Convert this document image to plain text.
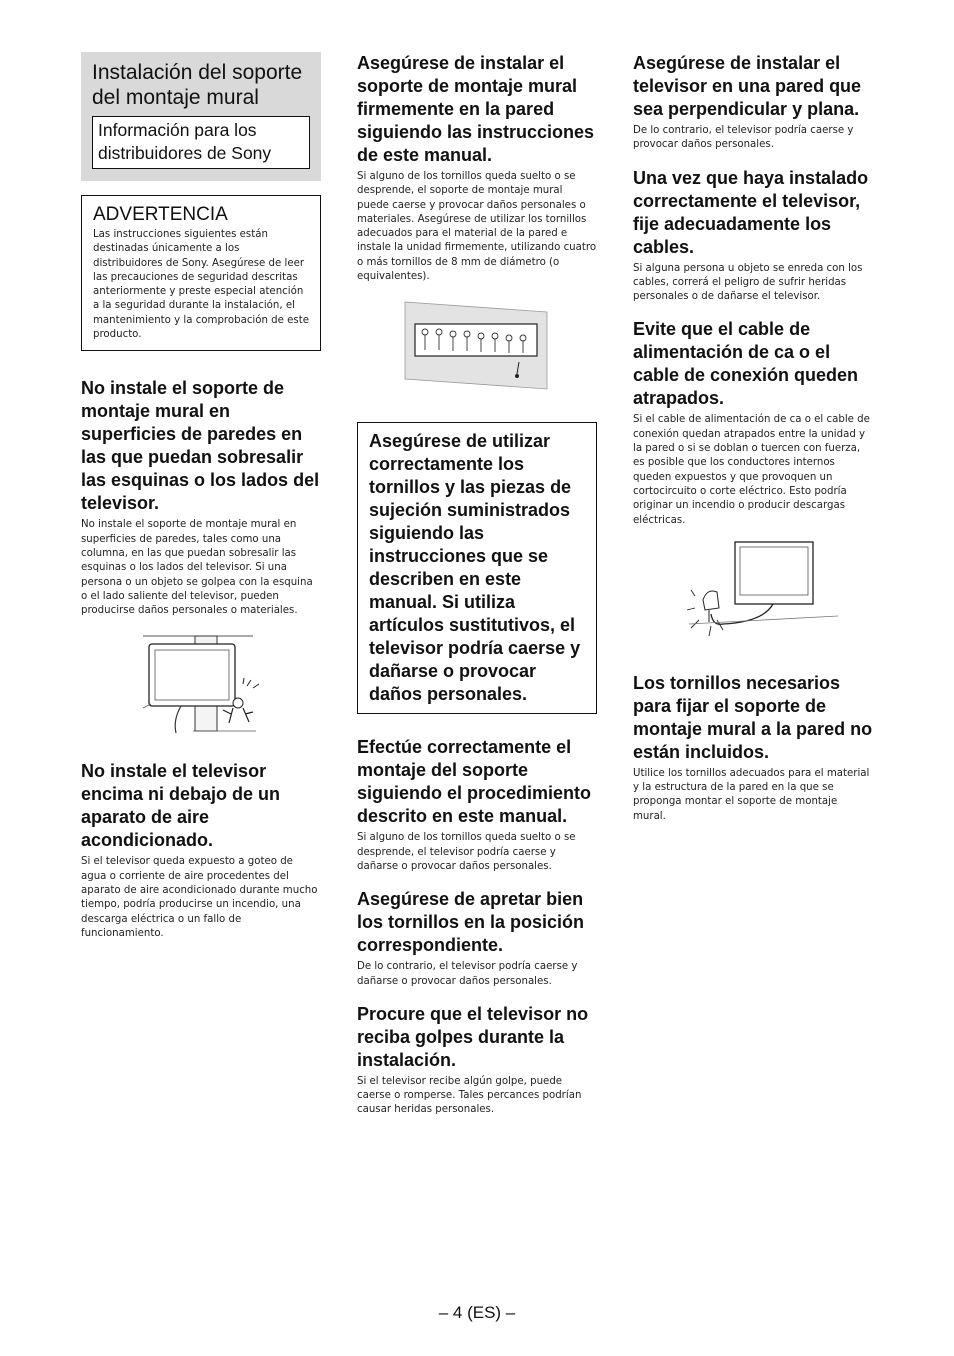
Instalación del soporte del montaje mural
Información para los distribuidores de Sony
ADVERTENCIA

Las instrucciones siguientes están destinadas únicamente a los distribuidores de Sony. Asegúrese de leer las precauciones de seguridad descritas anteriormente y preste especial atención a la seguridad durante la instalación, el mantenimiento y la comprobación de este producto.

No instale el soporte de montaje mural en superficies de paredes en las que puedan sobresalir las esquinas o los lados del televisor.

No instale el soporte de montaje mural en superficies de paredes, tales como una columna, en las que puedan sobresalir las esquinas o los lados del televisor. Si una persona o un objeto se golpea con la esquina o el lado saliente del televisor, pueden producirse daños personales o materiales.

No instale el televisor encima ni debajo de un aparato de aire acondicionado.

Si el televisor queda expuesto a goteo de agua o corriente de aire procedentes del aparato de aire acondicionado durante mucho tiempo, podría producirse un incendio, una descarga eléctrica o un fallo de funcionamiento.

Asegúrese de instalar el soporte de montaje mural firmemente en la pared siguiendo las instrucciones de este manual.

Si alguno de los tornillos queda suelto o se desprende, el soporte de montaje mural puede caerse y provocar daños personales o materiales. Asegúrese de utilizar los tornillos adecuados para el material de la pared e instale la unidad firmemente, utilizando cuatro o más tornillos de 8 mm de diámetro (o equivalentes).

Asegúrese de utilizar correctamente los tornillos y las piezas de sujeción suministrados siguiendo las instrucciones que se describen en este manual. Si utiliza artículos sustitutivos, el televisor podría caerse y dañarse o provocar daños personales.

Efectúe correctamente el montaje del soporte siguiendo el procedimiento descrito en este manual.

Si alguno de los tornillos queda suelto o se desprende, el televisor podría caerse y dañarse o provocar daños personales.

Asegúrese de apretar bien los tornillos en la posición correspondiente.

De lo contrario, el televisor podría caerse y dañarse o provocar daños personales.

Procure que el televisor no reciba golpes durante la instalación.

Si el televisor recibe algún golpe, puede caerse o romperse. Tales percances podrían causar heridas personales.

Asegúrese de instalar el televisor en una pared que sea perpendicular y plana.

De lo contrario, el televisor podría caerse y provocar daños personales.

Una vez que haya instalado correctamente el televisor, fije adecuadamente los cables.

Si alguna persona u objeto se enreda con los cables, correrá el peligro de sufrir heridas personales o de dañarse el televisor.

Evite que el cable de alimentación de ca o el cable de conexión queden atrapados.

Si el cable de alimentación de ca o el cable de conexión quedan atrapados entre la unidad y la pared o si se doblan o tuercen con fuerza, es posible que los conductores internos queden expuestos y que provoquen un cortocircuito o corte eléctrico. Esto podría originar un incendio o producir descargas eléctricas.

Los tornillos necesarios para fijar el soporte de montaje mural a la pared no están incluidos.

Utilice los tornillos adecuados para el material y la estructura de la pared en la que se proponga montar el soporte de montaje mural.

– 4 (ES) –
